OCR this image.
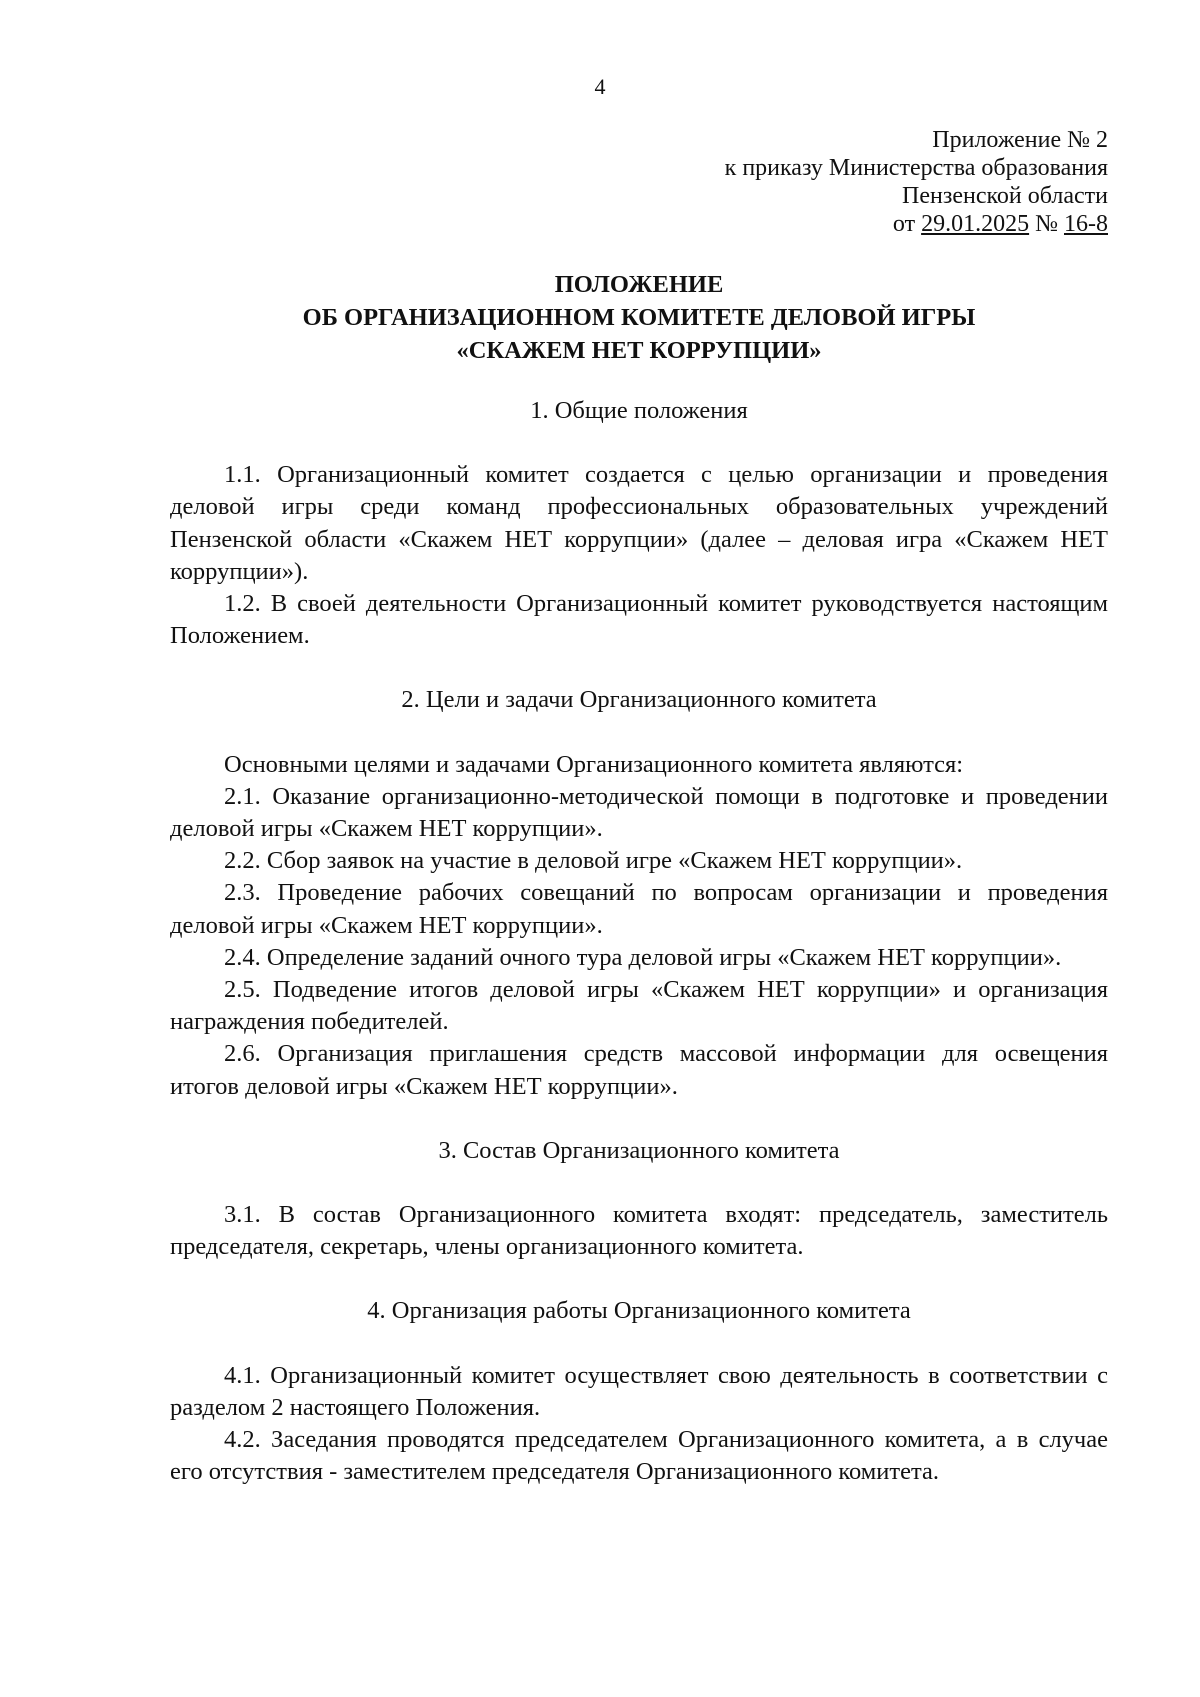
4
Приложение № 2
к приказу Министерства образования
Пензенской области
от 29.01.2025 № 16-8
ПОЛОЖЕНИЕ
ОБ ОРГАНИЗАЦИОННОМ КОМИТЕТЕ ДЕЛОВОЙ ИГРЫ
«СКАЖЕМ НЕТ КОРРУПЦИИ»
1. Общие положения

1.1. Организационный комитет создается с целью организации и проведения деловой игры среди команд профессиональных образовательных учреждений Пензенской области «Скажем НЕТ коррупции» (далее – деловая игра «Скажем НЕТ коррупции»).

1.2. В своей деятельности Организационный комитет руководствуется настоящим Положением.

2. Цели и задачи Организационного комитета

Основными целями и задачами Организационного комитета являются:

2.1. Оказание организационно-методической помощи в подготовке и проведении деловой игры «Скажем НЕТ коррупции».

2.2. Сбор заявок на участие в деловой игре «Скажем НЕТ коррупции».

2.3. Проведение рабочих совещаний по вопросам организации и проведения деловой игры «Скажем НЕТ коррупции».

2.4. Определение заданий очного тура деловой игры «Скажем НЕТ коррупции».

2.5. Подведение итогов деловой игры «Скажем НЕТ коррупции» и организация награждения победителей.

2.6. Организация приглашения средств массовой информации для освещения итогов деловой игры «Скажем НЕТ коррупции».

3. Состав Организационного комитета

3.1. В состав Организационного комитета входят: председатель, заместитель председателя, секретарь, члены организационного комитета.

4. Организация работы Организационного комитета

4.1. Организационный комитет осуществляет свою деятельность в соответствии с разделом 2 настоящего Положения.

4.2. Заседания проводятся председателем Организационного комитета, а в случае его отсутствия - заместителем председателя Организационного комитета.
